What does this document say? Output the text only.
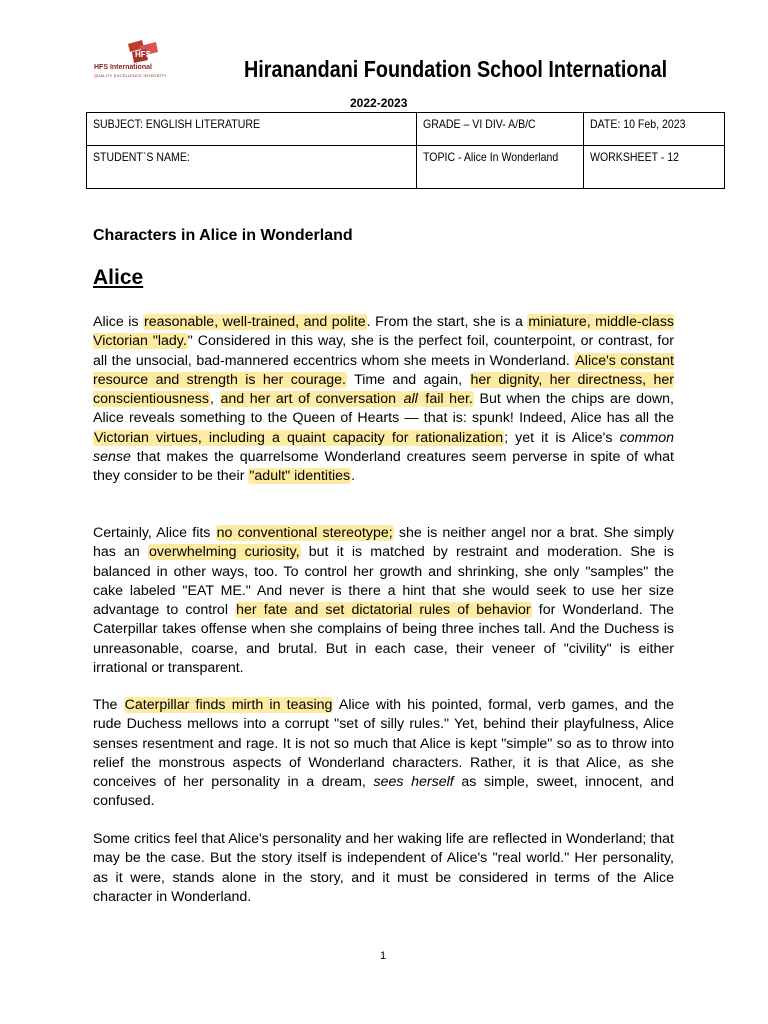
HFS
HFS International
QUALITY EXCELLENCE INTEGRITY	Hiranandani Foundation School International
2022-2023
SUBJECT: ENGLISH LITERATURE	GRADE – VI DIV- A/B/C	DATE: 10 Feb, 2023
STUDENT`S NAME:	TOPIC - Alice In Wonderland	WORKSHEET - 12
Characters in Alice in Wonderland
Alice
Alice is reasonable, well-trained, and polite. From the start, she is a miniature, middle-class Victorian "lady." Considered in this way, she is the perfect foil, counterpoint, or contrast, for all the unsocial, bad-mannered eccentrics whom she meets in Wonderland. Alice's constant resource and strength is her courage. Time and again, her dignity, her directness, her conscientiousness, and her art of conversation all fail her. But when the chips are down, Alice reveals something to the Queen of Hearts — that is: spunk! Indeed, Alice has all the Victorian virtues, including a quaint capacity for rationalization; yet it is Alice's common sense that makes the quarrelsome Wonderland creatures seem perverse in spite of what they consider to be their "adult" identities.
Certainly, Alice fits no conventional stereotype; she is neither angel nor a brat. She simply has an overwhelming curiosity, but it is matched by restraint and moderation. She is balanced in other ways, too. To control her growth and shrinking, she only "samples" the cake labeled "EAT ME." And never is there a hint that she would seek to use her size advantage to control her fate and set dictatorial rules of behavior for Wonderland. The Caterpillar takes offense when she complains of being three inches tall. And the Duchess is unreasonable, coarse, and brutal. But in each case, their veneer of "civility" is either irrational or transparent.
The Caterpillar finds mirth in teasing Alice with his pointed, formal, verb games, and the rude Duchess mellows into a corrupt "set of silly rules." Yet, behind their playfulness, Alice senses resentment and rage. It is not so much that Alice is kept "simple" so as to throw into relief the monstrous aspects of Wonderland characters. Rather, it is that Alice, as she conceives of her personality in a dream, sees herself as simple, sweet, innocent, and confused.
Some critics feel that Alice's personality and her waking life are reflected in Wonderland; that may be the case. But the story itself is independent of Alice's "real world." Her personality, as it were, stands alone in the story, and it must be considered in terms of the Alice character in Wonderland.
1
